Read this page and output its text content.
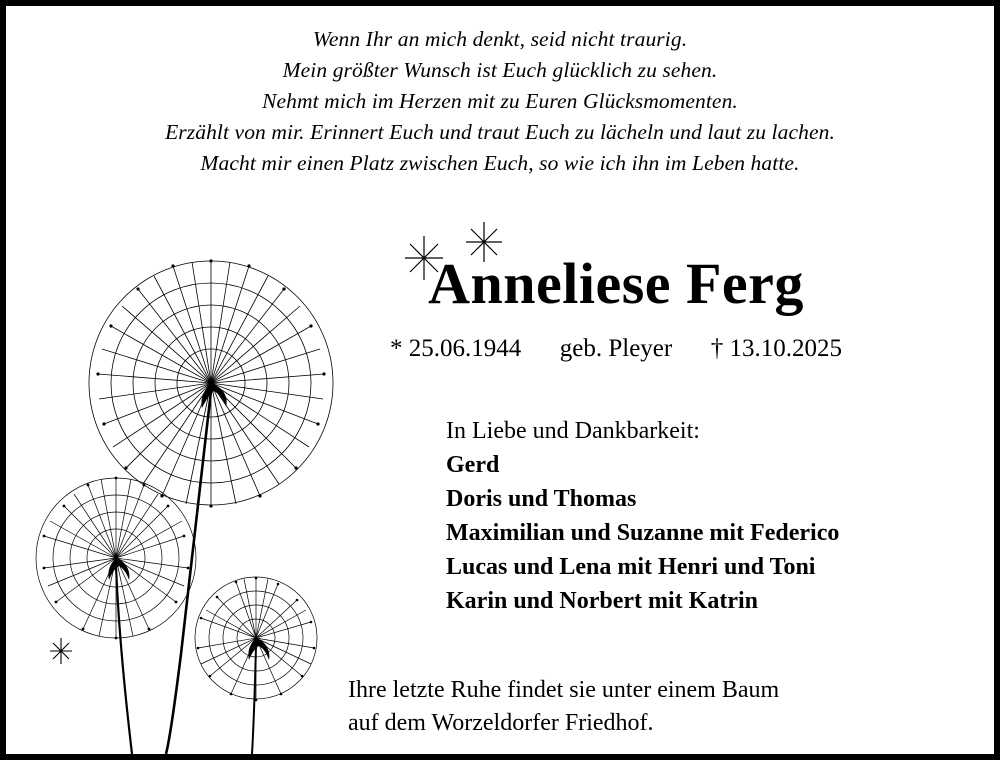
Wenn Ihr an mich denkt, seid nicht traurig.
Mein größter Wunsch ist Euch glücklich zu sehen.
Nehmt mich im Herzen mit zu Euren Glücksmomenten.
Erzählt von mir. Erinnert Euch und traut Euch zu lächeln und laut zu lachen.
Macht mir einen Platz zwischen Euch, so wie ich ihn im Leben hatte.
Anneliese Ferg
* 25.06.1944 geb. Pleyer † 13.10.2025
In Liebe und Dankbarkeit:
Gerd
Doris und Thomas
Maximilian und Suzanne mit Federico
Lucas und Lena mit Henri und Toni
Karin und Norbert mit Katrin
Ihre letzte Ruhe findet sie unter einem Baum
auf dem Worzeldorfer Friedhof.
